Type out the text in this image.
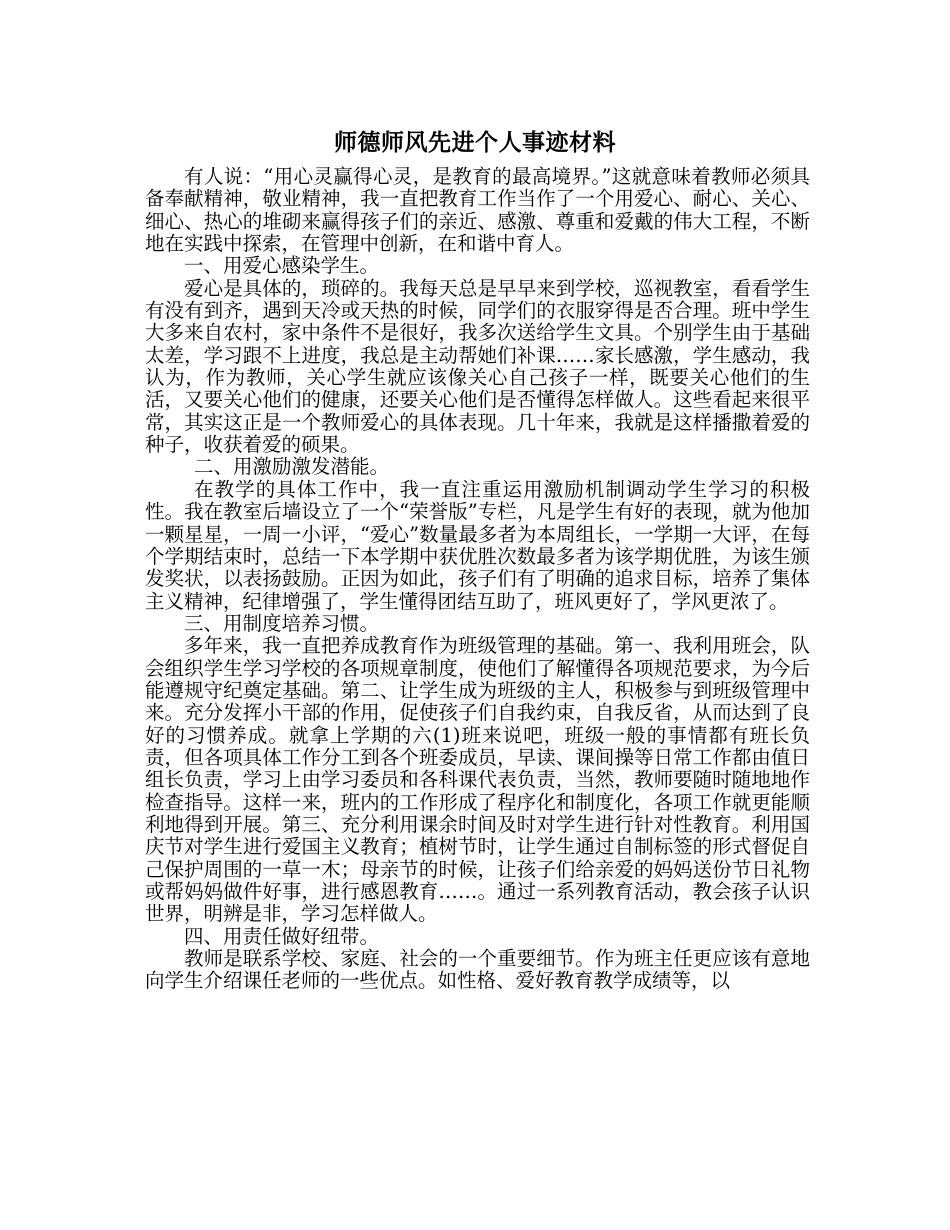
师德师风先进个人事迹材料

有人说：“用心灵赢得心灵，是教育的最高境界。”这就意味着教师必须具备奉献精神，敬业精神，我一直把教育工作当作了一个用爱心、耐心、关心、细心、热心的堆砌来赢得孩子们的亲近、感激、尊重和爱戴的伟大工程，不断地在实践中探索，在管理中创新，在和谐中育人。

一、用爱心感染学生。

爱心是具体的，琐碎的。我每天总是早早来到学校，巡视教室，看看学生有没有到齐，遇到天冷或天热的时候，同学们的衣服穿得是否合理。班中学生大多来自农村，家中条件不是很好，我多次送给学生文具。个别学生由于基础太差，学习跟不上进度，我总是主动帮她们补课……家长感激，学生感动，我认为，作为教师，关心学生就应该像关心自己孩子一样，既要关心他们的生活，又要关心他们的健康，还要关心他们是否懂得怎样做人。这些看起来很平常，其实这正是一个教师爱心的具体表现。几十年来，我就是这样播撒着爱的种子，收获着爱的硕果。

二、用激励激发潜能。

在教学的具体工作中，我一直注重运用激励机制调动学生学习的积极性。我在教室后墙设立了一个“荣誉版”专栏，凡是学生有好的表现，就为他加一颗星星，一周一小评，“爱心”数量最多者为本周组长，一学期一大评，在每个学期结束时，总结一下本学期中获优胜次数最多者为该学期优胜，为该生颁发奖状，以表扬鼓励。正因为如此，孩子们有了明确的追求目标，培养了集体主义精神，纪律增强了，学生懂得团结互助了，班风更好了，学风更浓了。

三、用制度培养习惯。

多年来，我一直把养成教育作为班级管理的基础。第一、我利用班会，队会组织学生学习学校的各项规章制度，使他们了解懂得各项规范要求，为今后能遵规守纪奠定基础。第二、让学生成为班级的主人，积极参与到班级管理中来。充分发挥小干部的作用，促使孩子们自我约束，自我反省，从而达到了良好的习惯养成。就拿上学期的六(1)班来说吧，班级一般的事情都有班长负责，但各项具体工作分工到各个班委成员，早读、课间操等日常工作都由值日组长负责，学习上由学习委员和各科课代表负责，当然，教师要随时随地地作检查指导。这样一来，班内的工作形成了程序化和制度化，各项工作就更能顺利地得到开展。第三、充分利用课余时间及时对学生进行针对性教育。利用国庆节对学生进行爱国主义教育；植树节时，让学生通过自制标签的形式督促自己保护周围的一草一木；母亲节的时候，让孩子们给亲爱的妈妈送份节日礼物或帮妈妈做件好事，进行感恩教育……。通过一系列教育活动，教会孩子认识世界，明辨是非，学习怎样做人。

四、用责任做好纽带。

教师是联系学校、家庭、社会的一个重要细节。作为班主任更应该有意地向学生介绍课任老师的一些优点。如性格、爱好教育教学成绩等，以
